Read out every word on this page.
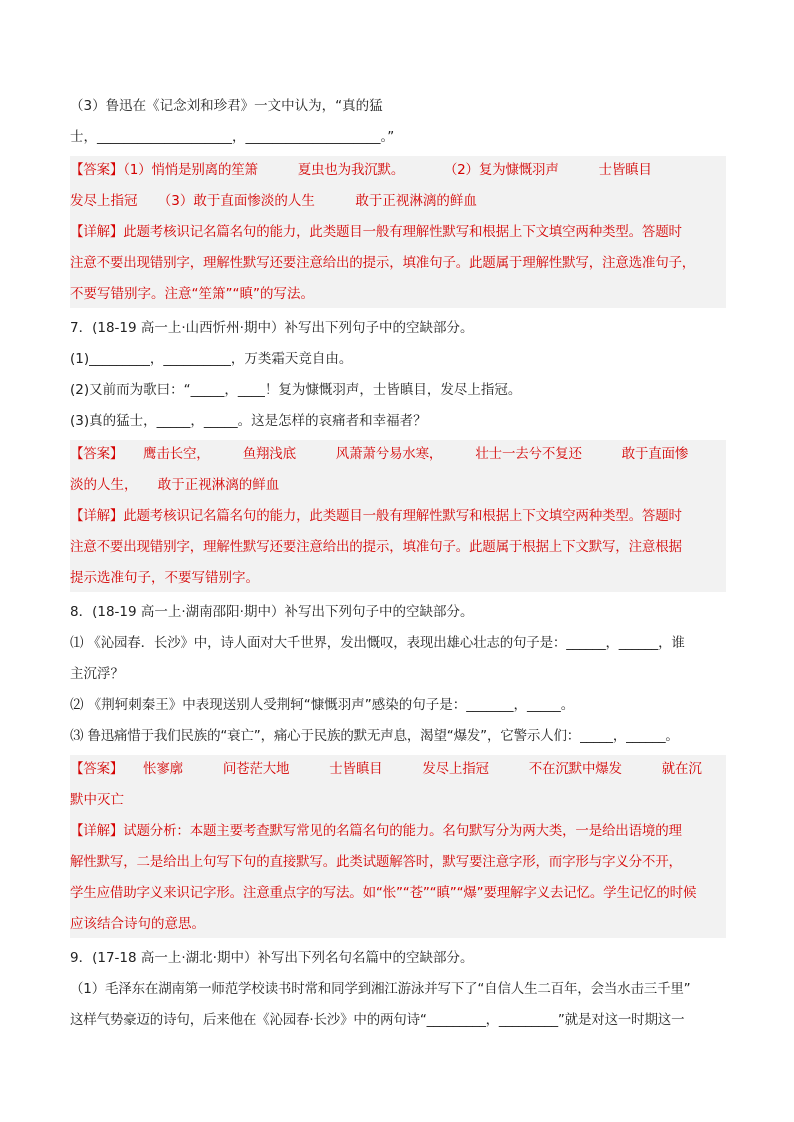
（3）鲁迅在《记念刘和珍君》一文中认为，“真的猛
士，____________________，____________________。”
【答案】（1）悄悄是别离的笙箫　　　夏虫也为我沉默。　　　　（2）复为慷慨羽声　　　士皆瞋目
发尽上指冠　　（3）敢于直面惨淡的人生　　　敢于正视淋漓的鲜血
【详解】此题考核识记名篇名句的能力，此类题目一般有理解性默写和根据上下文填空两种类型。答题时
注意不要出现错别字，理解性默写还要注意给出的提示，填准句子。此题属于理解性默写，注意选准句子，
不要写错别字。注意“笙箫”“瞋”的写法。
7．(18-19 高一上·山西忻州·期中）补写出下列句子中的空缺部分。
(1)_________，__________，万类霜天竞自由。
(2)又前而为歌曰：“_____，____！复为慷慨羽声，士皆瞋目，发尽上指冠。
(3)真的猛士，_____，_____。这是怎样的哀痛者和幸福者？
【答案】　　鹰击长空，　　　鱼翔浅底　　　风萧萧兮易水寒，　　　壮士一去兮不复还　　　敢于直面惨
淡的人生，　　敢于正视淋漓的鲜血
【详解】此题考核识记名篇名句的能力，此类题目一般有理解性默写和根据上下文填空两种类型。答题时
注意不要出现错别字，理解性默写还要注意给出的提示，填准句子。此题属于根据上下文默写，注意根据
提示选准句子，不要写错别字。
8．(18-19 高一上·湖南邵阳·期中）补写出下列句子中的空缺部分。
⑴ 《沁园春．长沙》中，诗人面对大千世界，发出慨叹，表现出雄心壮志的句子是：______，______，谁
主沉浮？
⑵ 《荆轲刺秦王》中表现送别人受荆轲“慷慨羽声”感染的句子是：_______，_____。
⑶ 鲁迅痛惜于我们民族的“衰亡”，痛心于民族的默无声息，渴望“爆发”，它警示人们：_____，______。
【答案】　　怅寥廓　　　问苍茫大地　　　士皆瞋目　　　发尽上指冠　　　不在沉默中爆发　　　就在沉
默中灭亡
【详解】试题分析：本题主要考查默写常见的名篇名句的能力。名句默写分为两大类，一是给出语境的理
解性默写，二是给出上句写下句的直接默写。此类试题解答时，默写要注意字形，而字形与字义分不开，
学生应借助字义来识记字形。注意重点字的写法。如“怅”“苍”“瞋”“爆”要理解字义去记忆。学生记忆的时候
应该结合诗句的意思。
9．(17-18 高一上·湖北·期中）补写出下列名句名篇中的空缺部分。
（1）毛泽东在湖南第一师范学校读书时常和同学到湘江游泳并写下了“自信人生二百年，会当水击三千里”
这样气势豪迈的诗句，后来他在《沁园春·长沙》中的两句诗“_________，_________”就是对这一时期这一
